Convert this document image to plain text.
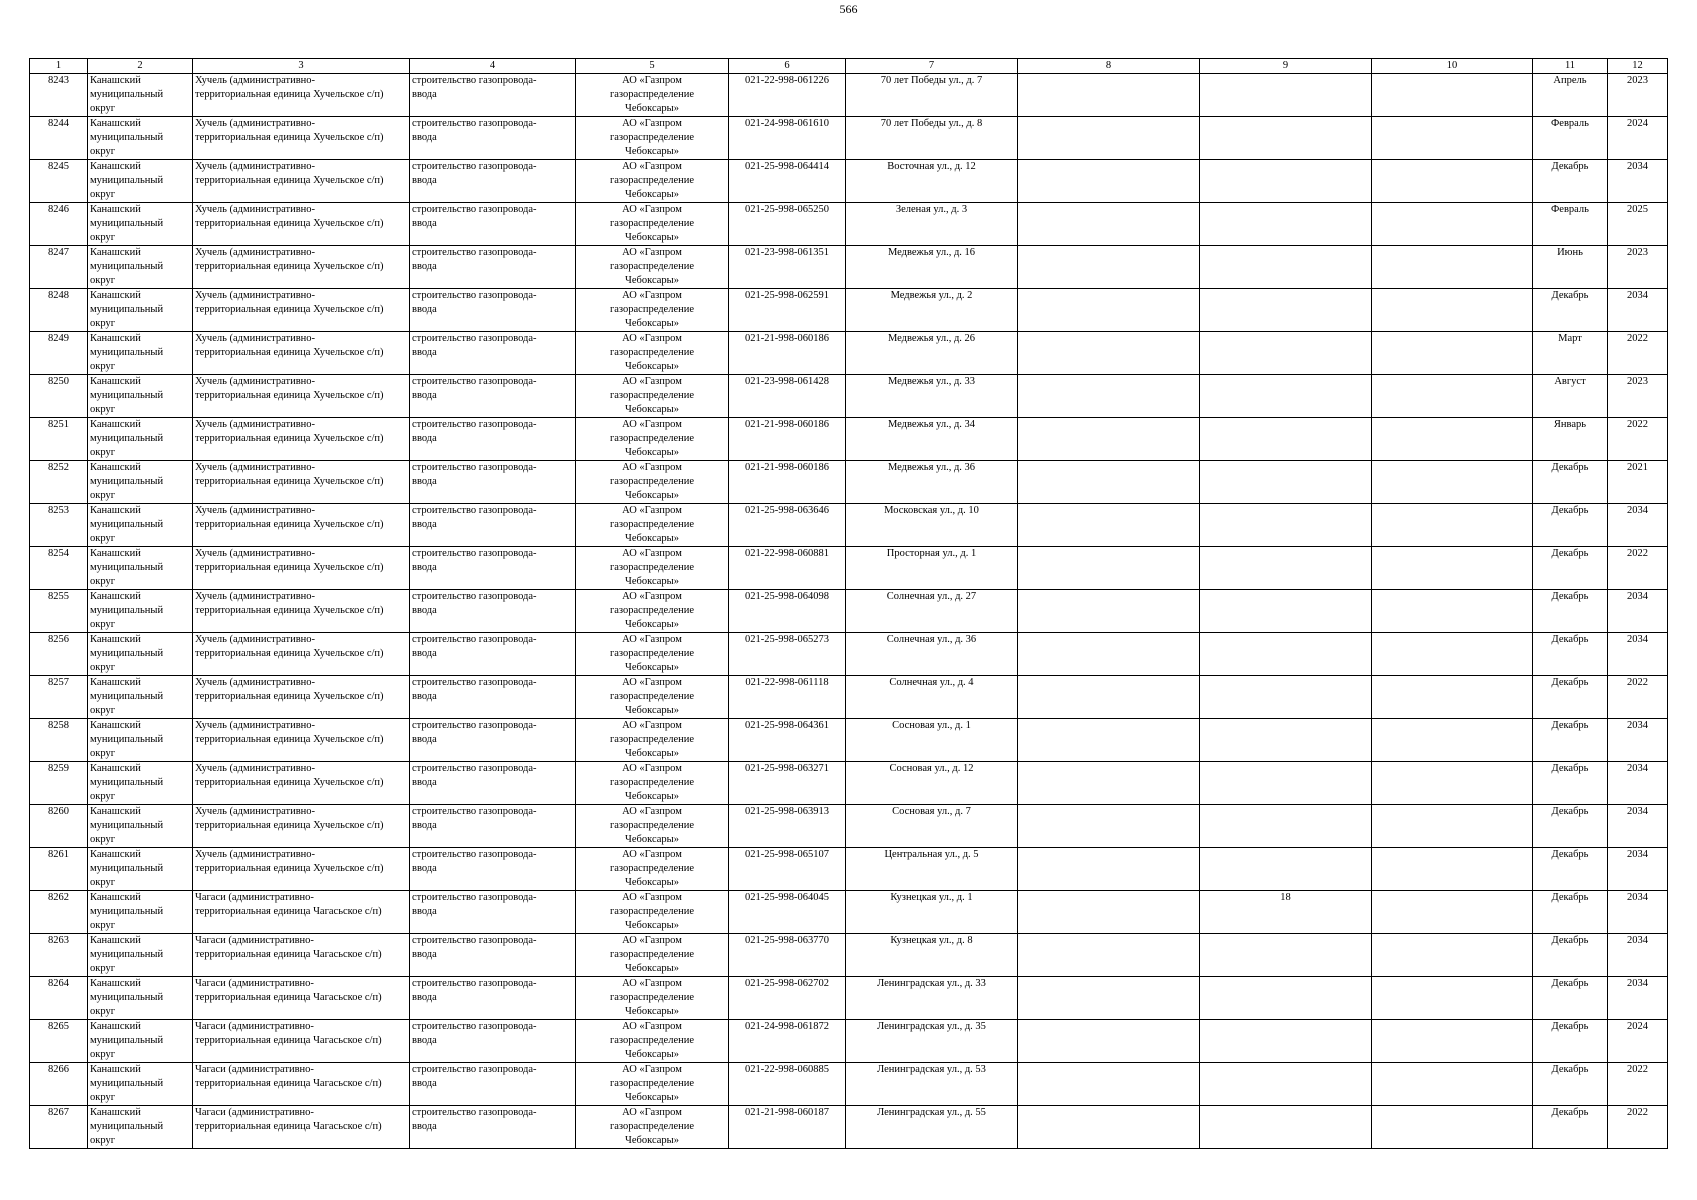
566
1	2	3	4	5	6	7	8	9	10	11	12
8243	Канашский
муниципальный
округ	Хучель (административно-
территориальная единица Хучельское с/п)	строительство газопровода-
ввода	АО «Газпром
газораспределение
Чебоксары»	021-22-998-061226	70 лет Победы ул., д. 7				Апрель	2023
8244	Канашский
муниципальный
округ	Хучель (административно-
территориальная единица Хучельское с/п)	строительство газопровода-
ввода	АО «Газпром
газораспределение
Чебоксары»	021-24-998-061610	70 лет Победы ул., д. 8				Февраль	2024
8245	Канашский
муниципальный
округ	Хучель (административно-
территориальная единица Хучельское с/п)	строительство газопровода-
ввода	АО «Газпром
газораспределение
Чебоксары»	021-25-998-064414	Восточная ул., д. 12				Декабрь	2034
8246	Канашский
муниципальный
округ	Хучель (административно-
территориальная единица Хучельское с/п)	строительство газопровода-
ввода	АО «Газпром
газораспределение
Чебоксары»	021-25-998-065250	Зеленая ул., д. 3				Февраль	2025
8247	Канашский
муниципальный
округ	Хучель (административно-
территориальная единица Хучельское с/п)	строительство газопровода-
ввода	АО «Газпром
газораспределение
Чебоксары»	021-23-998-061351	Медвежья ул., д. 16				Июнь	2023
8248	Канашский
муниципальный
округ	Хучель (административно-
территориальная единица Хучельское с/п)	строительство газопровода-
ввода	АО «Газпром
газораспределение
Чебоксары»	021-25-998-062591	Медвежья ул., д. 2				Декабрь	2034
8249	Канашский
муниципальный
округ	Хучель (административно-
территориальная единица Хучельское с/п)	строительство газопровода-
ввода	АО «Газпром
газораспределение
Чебоксары»	021-21-998-060186	Медвежья ул., д. 26				Март	2022
8250	Канашский
муниципальный
округ	Хучель (административно-
территориальная единица Хучельское с/п)	строительство газопровода-
ввода	АО «Газпром
газораспределение
Чебоксары»	021-23-998-061428	Медвежья ул., д. 33				Август	2023
8251	Канашский
муниципальный
округ	Хучель (административно-
территориальная единица Хучельское с/п)	строительство газопровода-
ввода	АО «Газпром
газораспределение
Чебоксары»	021-21-998-060186	Медвежья ул., д. 34				Январь	2022
8252	Канашский
муниципальный
округ	Хучель (административно-
территориальная единица Хучельское с/п)	строительство газопровода-
ввода	АО «Газпром
газораспределение
Чебоксары»	021-21-998-060186	Медвежья ул., д. 36				Декабрь	2021
8253	Канашский
муниципальный
округ	Хучель (административно-
территориальная единица Хучельское с/п)	строительство газопровода-
ввода	АО «Газпром
газораспределение
Чебоксары»	021-25-998-063646	Московская ул., д. 10				Декабрь	2034
8254	Канашский
муниципальный
округ	Хучель (административно-
территориальная единица Хучельское с/п)	строительство газопровода-
ввода	АО «Газпром
газораспределение
Чебоксары»	021-22-998-060881	Просторная ул., д. 1				Декабрь	2022
8255	Канашский
муниципальный
округ	Хучель (административно-
территориальная единица Хучельское с/п)	строительство газопровода-
ввода	АО «Газпром
газораспределение
Чебоксары»	021-25-998-064098	Солнечная ул., д. 27				Декабрь	2034
8256	Канашский
муниципальный
округ	Хучель (административно-
территориальная единица Хучельское с/п)	строительство газопровода-
ввода	АО «Газпром
газораспределение
Чебоксары»	021-25-998-065273	Солнечная ул., д. 36				Декабрь	2034
8257	Канашский
муниципальный
округ	Хучель (административно-
территориальная единица Хучельское с/п)	строительство газопровода-
ввода	АО «Газпром
газораспределение
Чебоксары»	021-22-998-061118	Солнечная ул., д. 4				Декабрь	2022
8258	Канашский
муниципальный
округ	Хучель (административно-
территориальная единица Хучельское с/п)	строительство газопровода-
ввода	АО «Газпром
газораспределение
Чебоксары»	021-25-998-064361	Сосновая ул., д. 1				Декабрь	2034
8259	Канашский
муниципальный
округ	Хучель (административно-
территориальная единица Хучельское с/п)	строительство газопровода-
ввода	АО «Газпром
газораспределение
Чебоксары»	021-25-998-063271	Сосновая ул., д. 12				Декабрь	2034
8260	Канашский
муниципальный
округ	Хучель (административно-
территориальная единица Хучельское с/п)	строительство газопровода-
ввода	АО «Газпром
газораспределение
Чебоксары»	021-25-998-063913	Сосновая ул., д. 7				Декабрь	2034
8261	Канашский
муниципальный
округ	Хучель (административно-
территориальная единица Хучельское с/п)	строительство газопровода-
ввода	АО «Газпром
газораспределение
Чебоксары»	021-25-998-065107	Центральная ул., д. 5				Декабрь	2034
8262	Канашский
муниципальный
округ	Чагаси (административно-
территориальная единица Чагасьское с/п)	строительство газопровода-
ввода	АО «Газпром
газораспределение
Чебоксары»	021-25-998-064045	Кузнецкая ул., д. 1		18		Декабрь	2034
8263	Канашский
муниципальный
округ	Чагаси (административно-
территориальная единица Чагасьское с/п)	строительство газопровода-
ввода	АО «Газпром
газораспределение
Чебоксары»	021-25-998-063770	Кузнецкая ул., д. 8				Декабрь	2034
8264	Канашский
муниципальный
округ	Чагаси (административно-
территориальная единица Чагасьское с/п)	строительство газопровода-
ввода	АО «Газпром
газораспределение
Чебоксары»	021-25-998-062702	Ленинградская ул., д. 33				Декабрь	2034
8265	Канашский
муниципальный
округ	Чагаси (административно-
территориальная единица Чагасьское с/п)	строительство газопровода-
ввода	АО «Газпром
газораспределение
Чебоксары»	021-24-998-061872	Ленинградская ул., д. 35				Декабрь	2024
8266	Канашский
муниципальный
округ	Чагаси (административно-
территориальная единица Чагасьское с/п)	строительство газопровода-
ввода	АО «Газпром
газораспределение
Чебоксары»	021-22-998-060885	Ленинградская ул., д. 53				Декабрь	2022
8267	Канашский
муниципальный
округ	Чагаси (административно-
территориальная единица Чагасьское с/п)	строительство газопровода-
ввода	АО «Газпром
газораспределение
Чебоксары»	021-21-998-060187	Ленинградская ул., д. 55				Декабрь	2022
